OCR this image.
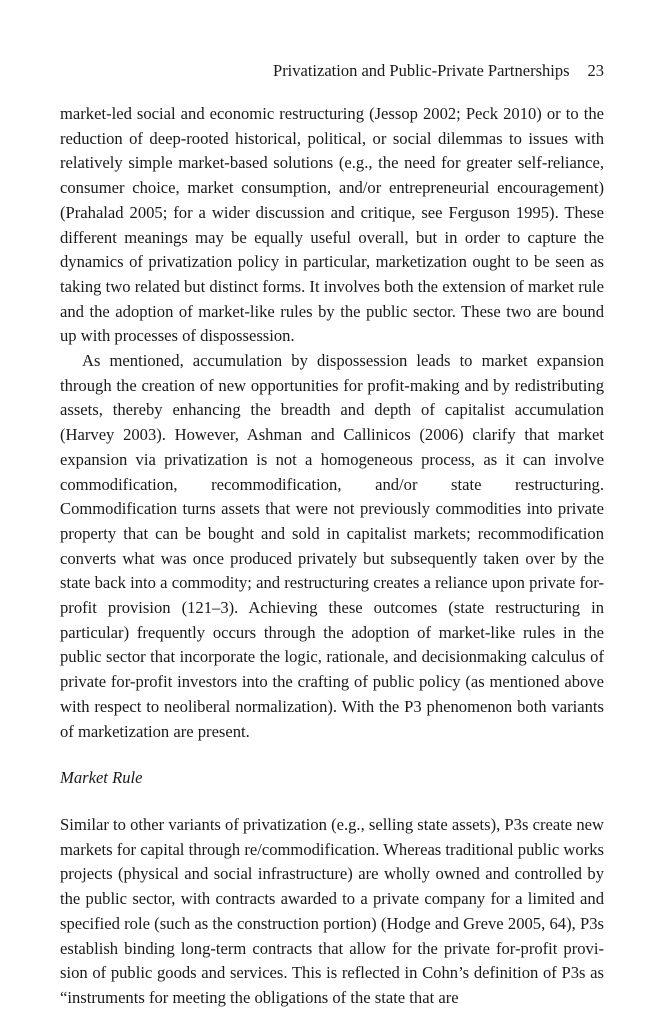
Privatization and Public-Private Partnerships 23

market-led social and economic restructuring (Jessop 2002; Peck 2010) or to the reduction of deep-rooted historical, political, or social dilemmas to issues with relatively simple market-based solutions (e.g., the need for greater self-reliance, consumer choice, market consumption, and/or entrepreneurial encouragement) (Prahalad 2005; for a wider discussion and critique, see Ferguson 1995). These different meanings may be equally useful overall, but in order to capture the dynamics of privatization policy in particular, marketization ought to be seen as taking two related but distinct forms. It involves both the extension of market rule and the adoption of market-like rules by the public sector. These two are bound up with processes of dispossession.

As mentioned, accumulation by dispossession leads to market expansion through the creation of new opportunities for profit-making and by redistributing assets, thereby enhancing the breadth and depth of capitalist accumulation (Harvey 2003). However, Ashman and Callinicos (2006) clarify that market expansion via privatization is not a homogeneous process, as it can involve commodification, recommodification, and/or state restructuring. Commodification turns assets that were not previously commodities into private property that can be bought and sold in capitalist markets; recommodification converts what was once produced privately but subsequently taken over by the state back into a commodity; and restructuring creates a reliance upon private for-profit provision (121–3). Achieving these outcomes (state restructuring in particular) frequently occurs through the adoption of market-like rules in the public sector that incorporate the logic, rationale, and decisionmaking calculus of private for-profit investors into the crafting of public policy (as mentioned above with respect to neoliberal normalization). With the P3 phenomenon both variants of marketization are present.

Market Rule

Similar to other variants of privatization (e.g., selling state assets), P3s create new markets for capital through re/commodification. Whereas traditional public works projects (physical and social infrastructure) are wholly owned and controlled by the public sector, with contracts awarded to a private company for a limited and specified role (such as the construction portion) (Hodge and Greve 2005, 64), P3s establish binding long-term contracts that allow for the private for-profit provision of public goods and services. This is reflected in Cohn’s definition of P3s as “instruments for meeting the obligations of the state that are
